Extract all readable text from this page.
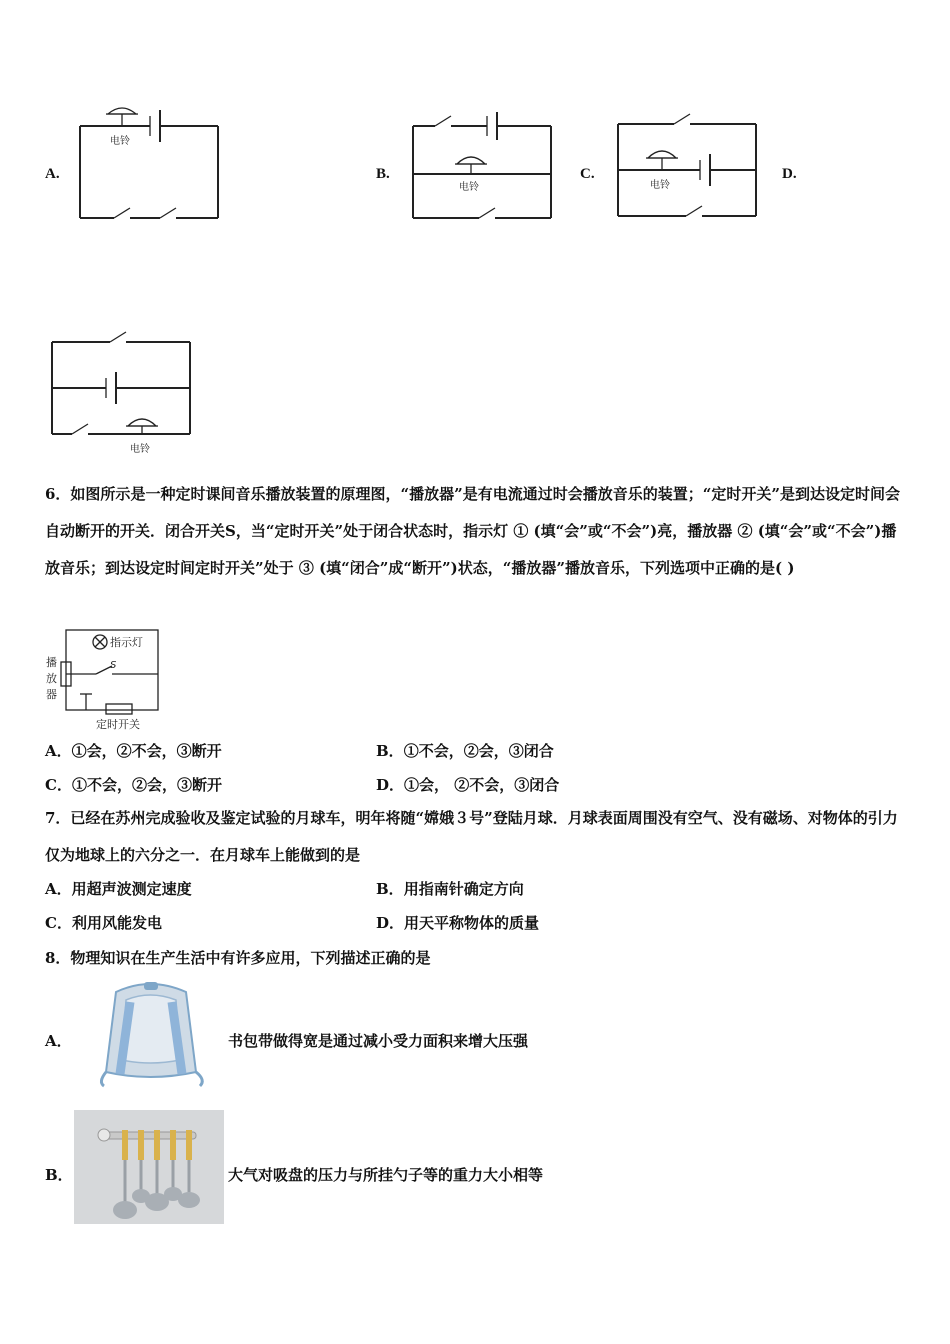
A.
电铃
B.
电铃
C.
电铃
D.
电铃
6．如图所示是一种定时课间音乐播放装置的原理图，“播放器”是有电流通过时会播放音乐的装置；“定时开关”是到达设定时间会自动断开的开关．闭合开关S，当“定时开关”处于闭合状态时，指示灯 ① (填“会”或“不会”)亮，播放器 ② (填“会”或“不会”)播放音乐；到达设定时间定时开关”处于 ③ (填“闭合”成“断开”)状态，“播放器”播放音乐，下列选项中正确的是( )
指示灯
播
放
器
S
定时开关
A．①会，②不会，③断开	B．①不会，②会，③闭合
C．①不会，②会，③断开	D．①会， ②不会，③闭合
7．已经在苏州完成验收及鉴定试验的月球车，明年将随“嫦娥３号”登陆月球．月球表面周围没有空气、没有磁场、对物体的引力仅为地球上的六分之一．在月球车上能做到的是
A．用超声波测定速度	B．用指南针确定方向
C．利用风能发电	D．用天平称物体的质量
8．物理知识在生产生活中有许多应用，下列描述正确的是
A．	书包带做得宽是通过减小受力面积来增大压强
B．	大气对吸盘的压力与所挂勺子等的重力大小相等
